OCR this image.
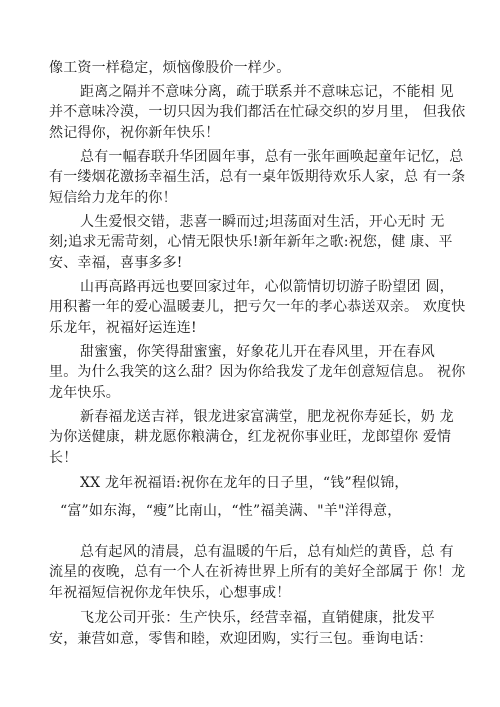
像工资一样稳定，烦恼像股价一样少。
距离之隔并不意味分离，疏于联系并不意味忘记，不能相 见
并不意味冷漠，一切只因为我们都活在忙碌交织的岁月里， 但我依
然记得你，祝你新年快乐！
总有一幅春联升华团圆年事，总有一张年画唤起童年记忆，总
有一缕烟花激扬幸福生活，总有一桌年饭期待欢乐人家，总 有一条
短信给力龙年的你！
人生爱恨交错，悲喜一瞬而过;坦荡面对生活，开心无时 无
刻;追求无需苛刻，心情无限快乐!新年新年之歌:祝您，健 康、平
安、幸福，喜事多多!
山再高路再远也要回家过年，心似箭情切切游子盼望团 圆，
用积蓄一年的爱心温暖妻儿，把亏欠一年的孝心恭送双亲。 欢度快
乐龙年，祝福好运连连!
甜蜜蜜，你笑得甜蜜蜜，好象花儿开在春风里，开在春风
里。为什么我笑的这么甜？因为你给我发了龙年创意短信息。 祝你
龙年快乐。
新春福龙送吉祥，银龙进家富满堂，肥龙祝你寿延长，奶 龙
为你送健康，耕龙愿你粮满仓，红龙祝你事业旺，龙郎望你 爱情
长！
XX 龙年祝福语:祝你在龙年的日子里，“钱”程似锦，
“富”如东海，“瘦”比南山，“性”福美满、"羊"洋得意，
总有起风的清晨，总有温暖的午后，总有灿烂的黄昏，总 有
流星的夜晚，总有一个人在祈祷世界上所有的美好全部属于 你！龙
年祝福短信祝你龙年快乐，心想事成！
飞龙公司开张：生产快乐，经营幸福，直销健康，批发平
安，兼营如意，零售和睦，欢迎团购，实行三包。垂询电话：
